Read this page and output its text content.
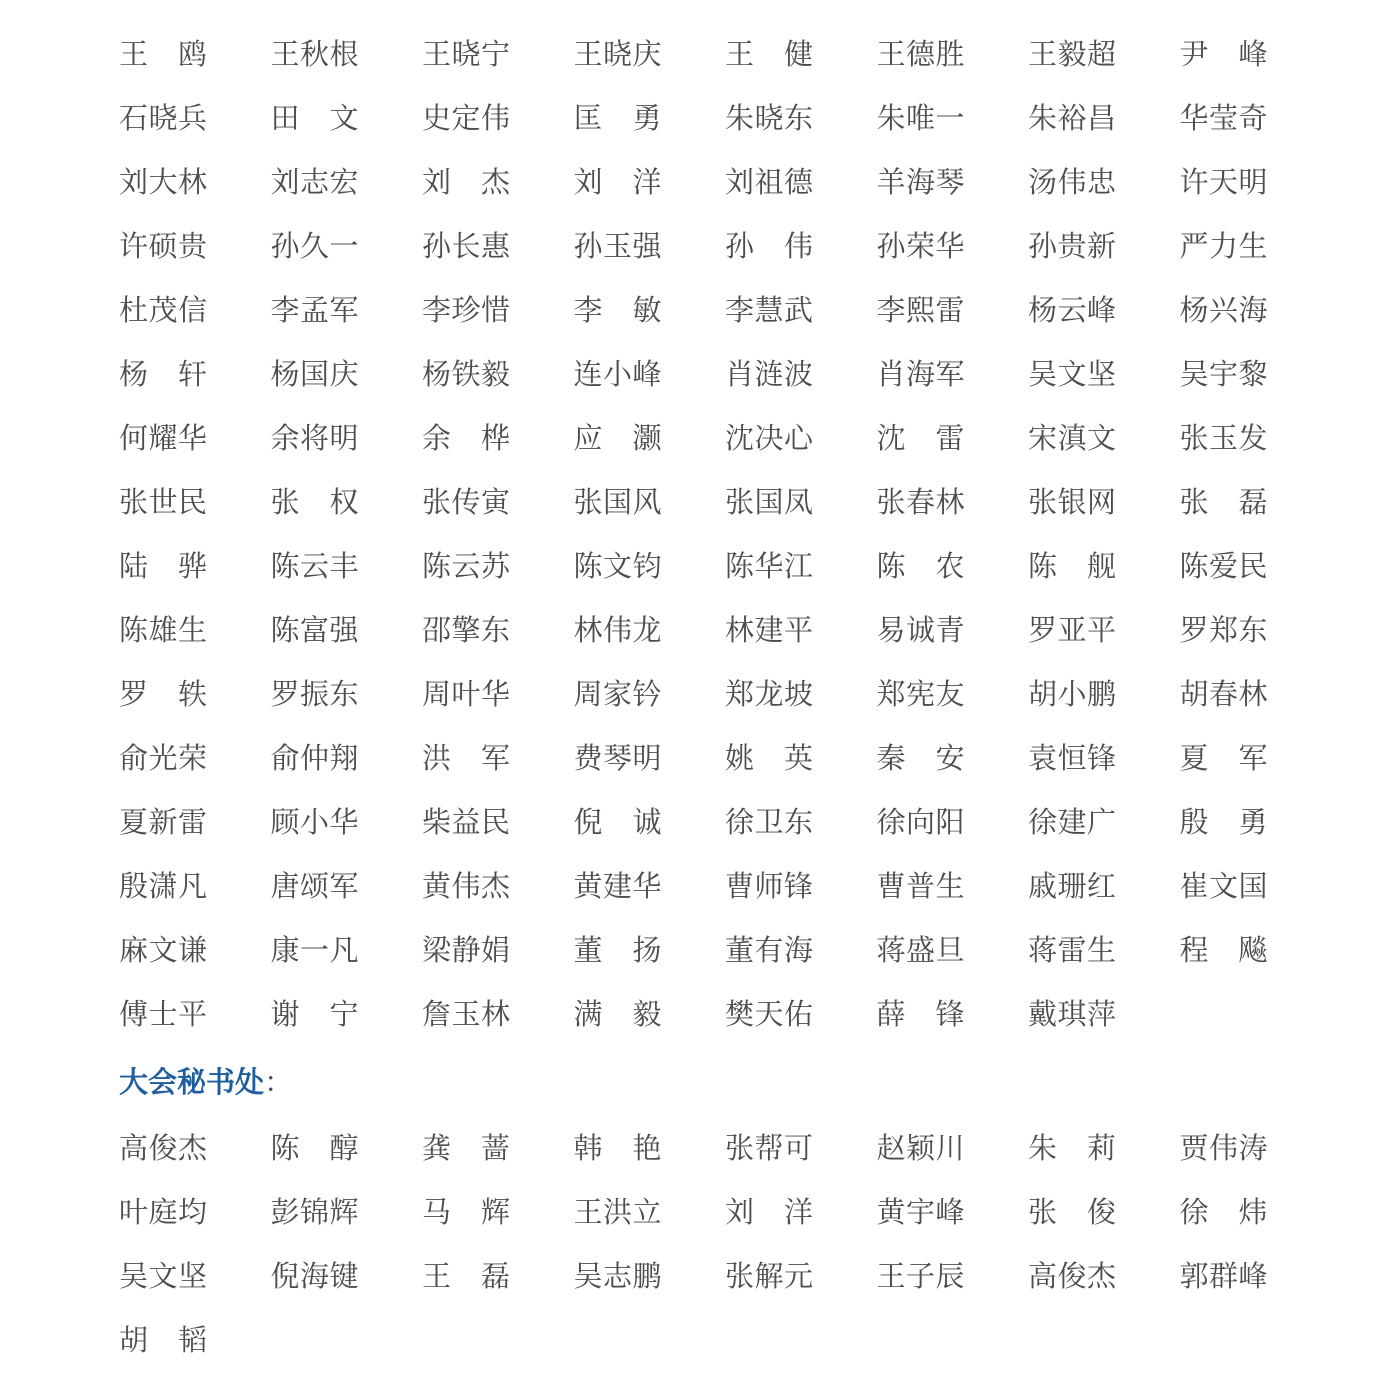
王 鸥 王 秋 根 王 晓 宁 王 晓 庆 王 健 王 德 胜 王 毅 超 尹 峰
石 晓 兵 田 文 史 定 伟 匡 勇 朱 晓 东 朱 唯 一 朱 裕 昌 华 莹 奇
刘 大 林 刘 志 宏 刘 杰 刘 洋 刘 祖 德 羊 海 琴 汤 伟 忠 许 天 明
许 硕 贵 孙 久 一 孙 长 惠 孙 玉 强 孙 伟 孙 荣 华 孙 贵 新 严 力 生
杜 茂 信 李 孟 军 李 珍 惜 李 敏 李 慧 武 李 熙 雷 杨 云 峰 杨 兴 海
杨 轩 杨 国 庆 杨 铁 毅 连 小 峰 肖 涟 波 肖 海 军 吴 文 坚 吴 宇 黎
何 耀 华 余 将 明 余 桦 应 灏 沈 决 心 沈 雷 宋 滇 文 张 玉 发
张 世 民 张 权 张 传 寅 张 国 风 张 国 凤 张 春 林 张 银 网 张 磊
陆 骅 陈 云 丰 陈 云 苏 陈 文 钧 陈 华 江 陈 农 陈 舰 陈 爱 民
陈 雄 生 陈 富 强 邵 擎 东 林 伟 龙 林 建 平 易 诚 青 罗 亚 平 罗 郑 东
罗 轶 罗 振 东 周 叶 华 周 家 钤 郑 龙 坡 郑 宪 友 胡 小 鹏 胡 春 林
俞 光 荣 俞 仲 翔 洪 军 费 琴 明 姚 英 秦 安 袁 恒 锋 夏 军
夏 新 雷 顾 小 华 柴 益 民 倪 诚 徐 卫 东 徐 向 阳 徐 建 广 殷 勇
殷 潇 凡 唐 颂 军 黄 伟 杰 黄 建 华 曹 师 锋 曹 普 生 戚 珊 红 崔 文 国
麻 文 谦 康 一 凡 梁 静 娟 董 扬 董 有 海 蒋 盛 旦 蒋 雷 生 程 飚
傅 士 平 谢 宁 詹 玉 林 满 毅 樊 天 佑 薛 锋 戴 琪 萍
大会秘书处 ：
高 俊 杰 陈 醇 龚 蔷 韩 艳 张 帮 可 赵 颖 川 朱 莉 贾 伟 涛
叶 庭 均 彭 锦 辉 马 辉 王 洪 立 刘 洋 黄 宇 峰 张 俊 徐 炜
吴 文 坚 倪 海 键 王 磊 吴 志 鹏 张 解 元 王 子 辰 高 俊 杰 郭 群 峰
胡 韬
